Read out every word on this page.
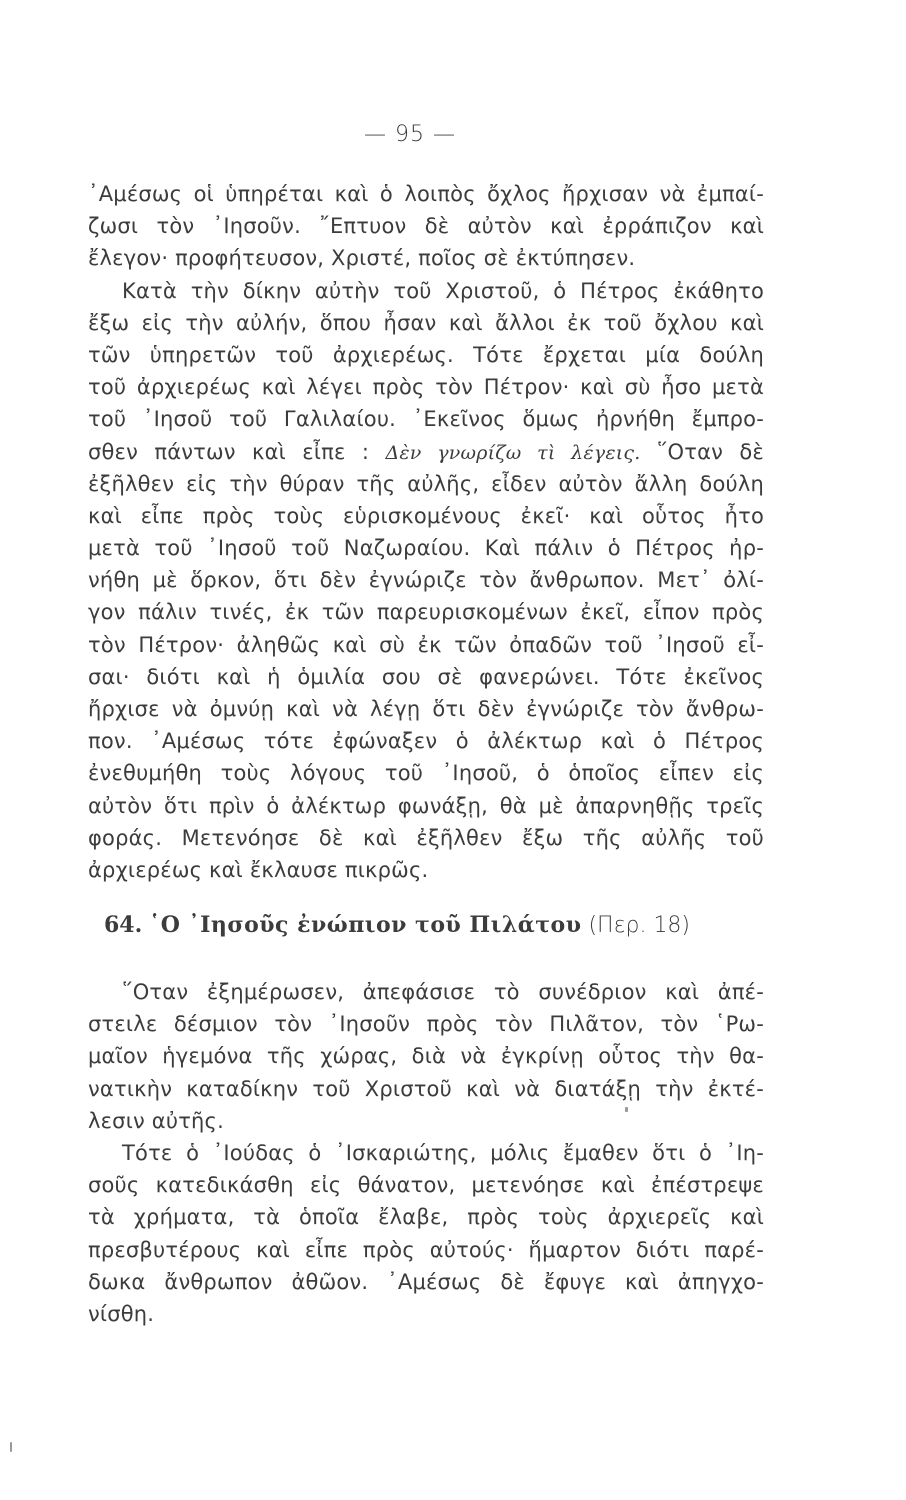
— 95 —
᾽Αμέσως οἱ ὑπηρέται καὶ ὁ λοιπὸς ὄχλος ἤρχισαν νὰ ἐμπαί-
ζωσι τὸν ᾽Ιησοῦν. ῎Επτυον δὲ αὐτὸν καὶ ἐρράπιζον καὶ
ἔλεγον· προφήτευσον, Χριστέ, ποῖος σὲ ἐκτύπησεν.
Κατὰ τὴν δίκην αὐτὴν τοῦ Χριστοῦ, ὁ Πέτρος ἐκάθητο
ἔξω εἰς τὴν αὐλήν, ὅπου ἦσαν καὶ ἄλλοι ἐκ τοῦ ὄχλου καὶ
τῶν ὑπηρετῶν τοῦ ἀρχιερέως. Τότε ἔρχεται μία δούλη
τοῦ ἀρχιερέως καὶ λέγει πρὸς τὸν Πέτρον· καὶ σὺ ἦσο μετὰ
τοῦ ᾽Ιησοῦ τοῦ Γαλιλαίου. ᾽Εκεῖνος ὅμως ἠρνήθη ἔμπρο-
σθεν πάντων καὶ εἶπε : Δὲν γνωρίζω τὶ λέγεις. ῞Οταν δὲ
ἐξῆλθεν εἰς τὴν θύραν τῆς αὐλῆς, εἶδεν αὐτὸν ἄλλη δούλη
καὶ εἶπε πρὸς τοὺς εὑρισκομένους ἐκεῖ· καὶ οὗτος ἦτο
μετὰ τοῦ ᾽Ιησοῦ τοῦ Ναζωραίου. Καὶ πάλιν ὁ Πέτρος ἠρ-
νήθη μὲ ὅρκον, ὅτι δὲν ἐγνώριζε τὸν ἄνθρωπον. Μετ᾽ ὀλί-
γον πάλιν τινές, ἐκ τῶν παρευρισκομένων ἐκεῖ, εἶπον πρὸς
τὸν Πέτρον· ἀληθῶς καὶ σὺ ἐκ τῶν ὀπαδῶν τοῦ ᾽Ιησοῦ εἶ-
σαι· διότι καὶ ἡ ὁμιλία σου σὲ φανερώνει. Τότε ἐκεῖνος
ἤρχισε νὰ ὀμνύῃ καὶ νὰ λέγῃ ὅτι δὲν ἐγνώριζε τὸν ἄνθρω-
πον. ᾽Αμέσως τότε ἐφώναξεν ὁ ἀλέκτωρ καὶ ὁ Πέτρος
ἐνεθυμήθη τοὺς λόγους τοῦ ᾽Ιησοῦ, ὁ ὁποῖος εἶπεν εἰς
αὐτὸν ὅτι πρὶν ὁ ἀλέκτωρ φωνάξῃ, θὰ μὲ ἀπαρνηθῇς τρεῖς
φοράς. Μετενόησε δὲ καὶ ἐξῆλθεν ἔξω τῆς αὐλῆς τοῦ
ἀρχιερέως καὶ ἔκλαυσε πικρῶς.
64. ῾Ο ᾽Ιησοῦς ἐνώπιον τοῦ Πιλάτου (Περ. 18)
῞Οταν ἐξημέρωσεν, ἀπεφάσισε τὸ συνέδριον καὶ ἀπέ-
στειλε δέσμιον τὸν ᾽Ιησοῦν πρὸς τὸν Πιλᾶτον, τὸν ῾Ρω-
μαῖον ἡγεμόνα τῆς χώρας, διὰ νὰ ἐγκρίνῃ οὗτος τὴν θα-
νατικὴν καταδίκην τοῦ Χριστοῦ καὶ νὰ διατάξῃ τὴν ἐκτέ-
λεσιν αὐτῆς.
Τότε ὁ ᾽Ιούδας ὁ ᾽Ισκαριώτης, μόλις ἔμαθεν ὅτι ὁ ᾽Ιη-
σοῦς κατεδικάσθη εἰς θάνατον, μετενόησε καὶ ἐπέστρεψε
τὰ χρήματα, τὰ ὁποῖα ἔλαβε, πρὸς τοὺς ἀρχιερεῖς καὶ
πρεσβυτέρους καὶ εἶπε πρὸς αὐτούς· ἥμαρτον διότι παρέ-
δωκα ἄνθρωπον ἀθῶον. ᾽Αμέσως δὲ ἔφυγε καὶ ἀπηγχο-
νίσθη.
